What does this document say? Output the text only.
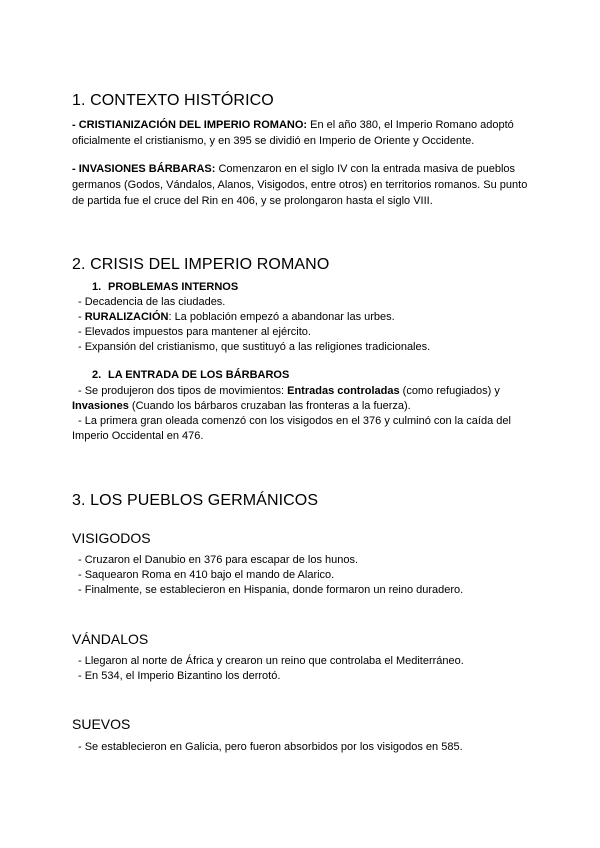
1. CONTEXTO HISTÓRICO

- CRISTIANIZACIÓN DEL IMPERIO ROMANO: En el año 380, el Imperio Romano adoptó oficialmente el cristianismo, y en 395 se dividió en Imperio de Oriente y Occidente.

- INVASIONES BÁRBARAS: Comenzaron en el siglo IV con la entrada masiva de pueblos germanos (Godos, Vándalos, Alanos, Visigodos, entre otros) en territorios romanos. Su punto de partida fue el cruce del Rin en 406, y se prolongaron hasta el siglo VIII.

2. CRISIS DEL IMPERIO ROMANO
1. PROBLEMAS INTERNOS

- Decadencia de las ciudades.

- RURALIZACIÓN: La población empezó a abandonar las urbes.

- Elevados impuestos para mantener al ejército.

- Expansión del cristianismo, que sustituyó a las religiones tradicionales.

2. LA ENTRADA DE LOS BÁRBAROS

- Se produjeron dos tipos de movimientos: Entradas controladas (como refugiados) y

Invasiones (Cuando los bárbaros cruzaban las fronteras a la fuerza).

- La primera gran oleada comenzó con los visigodos en el 376 y culminó con la caída del

Imperio Occidental en 476.

3. LOS PUEBLOS GERMÁNICOS
VISIGODOS

- Cruzaron el Danubio en 376 para escapar de los hunos.

- Saquearon Roma en 410 bajo el mando de Alarico.

- Finalmente, se establecieron en Hispania, donde formaron un reino duradero.

VÁNDALOS

- Llegaron al norte de África y crearon un reino que controlaba el Mediterráneo.

- En 534, el Imperio Bizantino los derrotó.

SUEVOS

- Se establecieron en Galicia, pero fueron absorbidos por los visigodos en 585.
